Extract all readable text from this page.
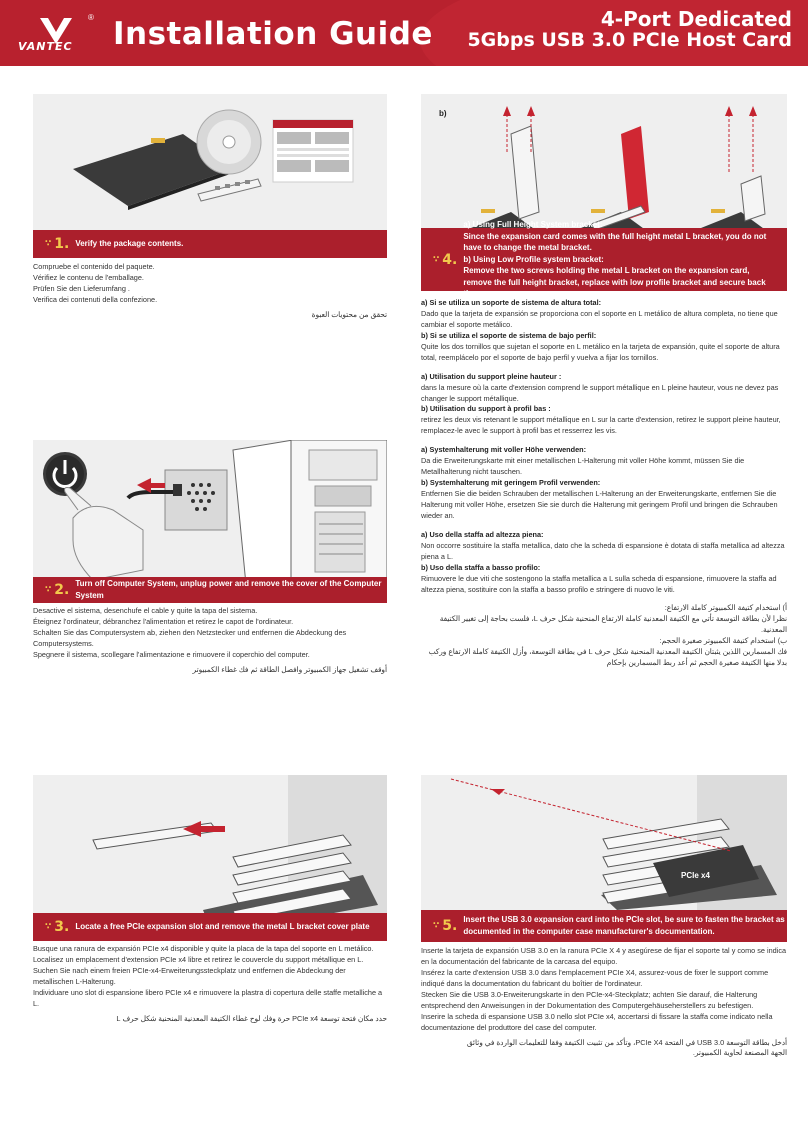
VANTEC
® Installation Guide	4-Port Dedicated
5Gbps USB 3.0 PCIe Host Card
∵ 1. Verify the package contents.

Compruebe el contenido del paquete.

Vérifiez le contenu de l'emballage.

Prüfen Sie den Lieferumfang .

Verifica dei contenuti della confezione.

تحقق من محتويات العبوة

∵ 2. Turn off Computer System, unplug power and remove the cover of the Computer System

Desactive el sistema, desenchufe el cable y quite la tapa del sistema.

Éteignez l'ordinateur, débranchez l'alimentation et retirez le capot de l'ordinateur.

Schalten Sie das Computersystem ab, ziehen den Netzstecker und entfernen die Abdeckung des Computersystems.

Spegnere il sistema, scollegare l'alimentazione e rimuovere il coperchio del computer.

أوقف تشغيل جهاز الكمبيوتر وافصل الطاقة ثم فك غطاء الكمبيوتر

∵ 3. Locate a free PCIe expansion slot and remove the metal L bracket cover plate

Busque una ranura de expansión PCIe x4 disponible y quite la placa de la tapa del soporte en L metálico.

Localisez un emplacement d'extension PCIe x4 libre et retirez le couvercle du support métallique en L.

Suchen Sie nach einem freien PCIe-x4-Erweiterungssteckplatz und entfernen die Abdeckung der metallischen L-Halterung.

Individuare uno slot di espansione libero PCIe x4 e rimuovere la plastra di copertura delle staffe metalliche a L.

حدد مكان فتحة توسعة PCIe x4 حرة وفك لوح غطاء الكتيفة المعدنية المنحنية شكل حرف L

b)
∵ 4.
a) Using Full Height System bracket:
Since the expansion card comes with the full height metal L bracket, you do not have to change the metal bracket.
b) Using Low Profile system bracket:
Remove the two screws holding the metal L bracket on the expansion card, remove the full height bracket, replace with low profile bracket and secure back the screws.

a) Si se utiliza un soporte de sistema de altura total:

Dado que la tarjeta de expansión se proporciona con el soporte en L metálico de altura completa, no tiene que cambiar el soporte metálico.

b) Si se utiliza el soporte de sistema de bajo perfil:

Quite los dos tornillos que sujetan el soporte en L metálico en la tarjeta de expansión, quite el soporte de altura total, reemplácelo por el soporte de bajo perfil y vuelva a fijar los tornillos.

a) Utilisation du support pleine hauteur :

dans la mesure où la carte d'extension comprend le support métallique en L pleine hauteur, vous ne devez pas changer le support métallique.

b) Utilisation du support à profil bas :

retirez les deux vis retenant le support métallique en L sur la carte d'extension, retirez le support pleine hauteur, remplacez-le avec le support à profil bas et resserrez les vis.

a) Systemhalterung mit voller Höhe verwenden:

Da die Erweiterungskarte mit einer metallischen L-Halterung mit voller Höhe kommt, müssen Sie die Metallhalterung nicht tauschen.

b) Systemhalterung mit geringem Profil verwenden:

Entfernen Sie die beiden Schrauben der metallischen L-Halterung an der Erweiterungskarte, entfernen Sie die Halterung mit voller Höhe, ersetzen Sie sie durch die Halterung mit geringem Profil und bringen die Schrauben wieder an.

a) Uso della staffa ad altezza piena:

Non occorre sostituire la staffa metallica, dato che la scheda di espansione è dotata di staffa metallica ad altezza piena a L.

b) Uso della staffa a basso profilo:

Rimuovere le due viti che sostengono la staffa metallica a L sulla scheda di espansione, rimuovere la staffa ad altezza piena, sostituire con la staffa a basso profilo e stringere di nuovo le viti.

أ) استخدام كتيفة الكمبيوتر كاملة الارتفاع:

نظرا لأن بطاقة التوسعة تأتي مع الكتيفة المعدنية كاملة الارتفاع المنحنية شكل حرف L، فلست بحاجة إلى تغيير الكتيفة المعدنية.

ب) استخدام كتيفة الكمبيوتر صغيرة الحجم:

فك المسمارين اللذين يثبتان الكتيفة المعدنية المنحنية شكل حرف L في بطاقة التوسعة، وأزل الكتيفة كاملة الارتفاع وركب بدلا منها الكتيفة صغيرة الحجم ثم أعد ربط المسمارين بإحكام

PCIe x4
∵ 5. Insert the USB 3.0 expansion card into the PCIe slot, be sure to fasten the bracket as
documented in the computer case manufacturer's documentation.

Inserte la tarjeta de expansión USB 3.0 en la ranura PCIe X 4 y asegúrese de fijar el soporte tal y como se indica en la documentación del fabricante de la carcasa del equipo.

Insérez la carte d'extension USB 3.0 dans l'emplacement PCIe X4, assurez-vous de fixer le support comme indiqué dans la documentation du fabricant du boîtier de l'ordinateur.

Stecken Sie die USB 3.0-Erweiterungskarte in den PCIe-x4-Steckplatz; achten Sie darauf, die Halterung entsprechend den Anweisungen in der Dokumentation des Computergehäuseherstellers zu befestigen.

Inserire la scheda di espansione USB 3.0 nello slot PCIe x4, accertarsi di fissare la staffa come indicato nella documentazione del produttore del case del computer.

أدخل بطاقة التوسعة USB 3.0 في الفتحة PCIe X4، وتأكد من تثبيت الكتيفة وفقا للتعليمات الواردة في وثائق

الجهة المصنعة لحاوية الكمبيوتر.
